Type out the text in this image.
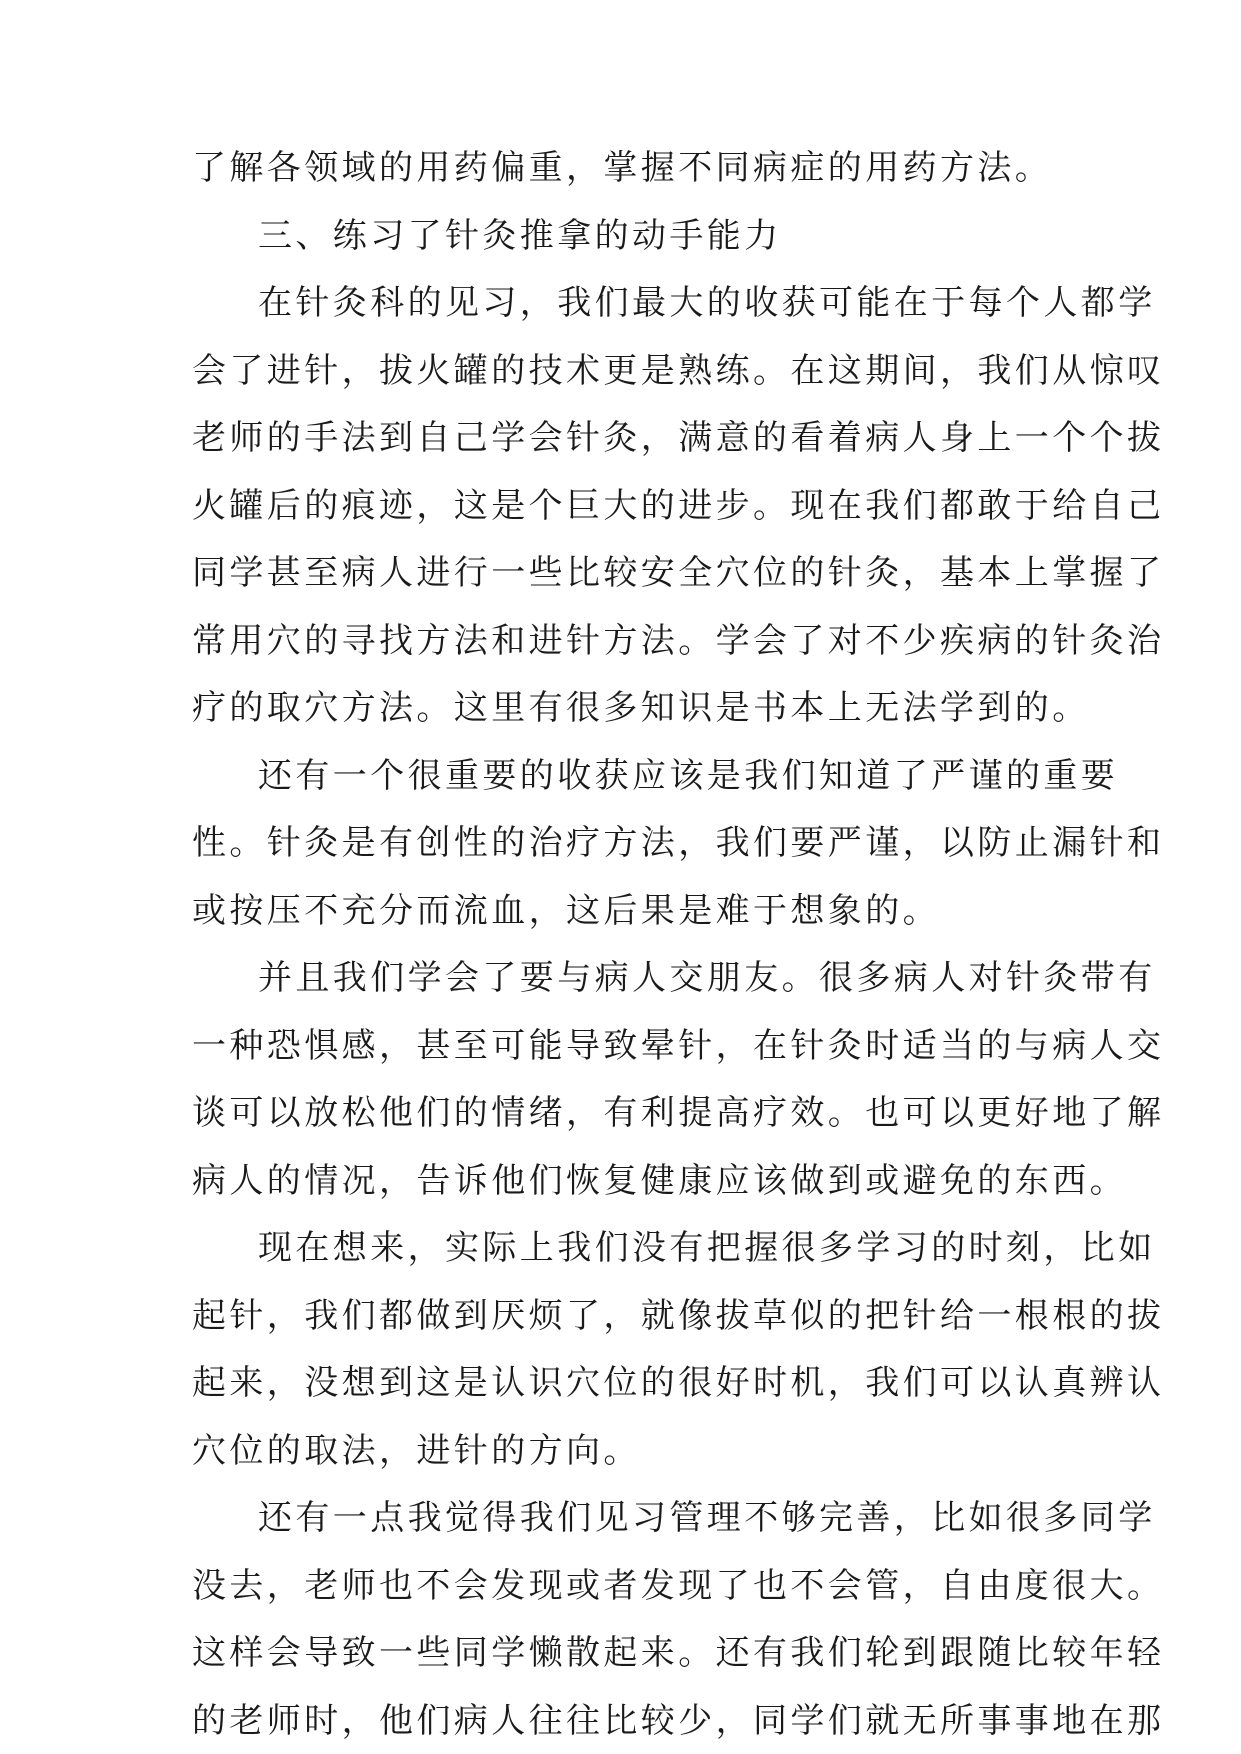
了解各领域的用药偏重，掌握不同病症的用药方法。

三、练习了针灸推拿的动手能力

在针灸科的见习，我们最大的收获可能在于每个人都学

会了进针，拔火罐的技术更是熟练。在这期间，我们从惊叹

老师的手法到自己学会针灸，满意的看着病人身上一个个拔

火罐后的痕迹，这是个巨大的进步。现在我们都敢于给自己

同学甚至病人进行一些比较安全穴位的针灸，基本上掌握了

常用穴的寻找方法和进针方法。学会了对不少疾病的针灸治

疗的取穴方法。这里有很多知识是书本上无法学到的。

还有一个很重要的收获应该是我们知道了严谨的重要

性。针灸是有创性的治疗方法，我们要严谨，以防止漏针和

或按压不充分而流血，这后果是难于想象的。

并且我们学会了要与病人交朋友。很多病人对针灸带有

一种恐惧感，甚至可能导致晕针，在针灸时适当的与病人交

谈可以放松他们的情绪，有利提高疗效。也可以更好地了解

病人的情况，告诉他们恢复健康应该做到或避免的东西。

现在想来，实际上我们没有把握很多学习的时刻，比如

起针，我们都做到厌烦了，就像拔草似的把针给一根根的拔

起来，没想到这是认识穴位的很好时机，我们可以认真辨认

穴位的取法，进针的方向。

还有一点我觉得我们见习管理不够完善，比如很多同学

没去，老师也不会发现或者发现了也不会管，自由度很大。

这样会导致一些同学懒散起来。还有我们轮到跟随比较年轻

的老师时，他们病人往往比较少，同学们就无所事事地在那
